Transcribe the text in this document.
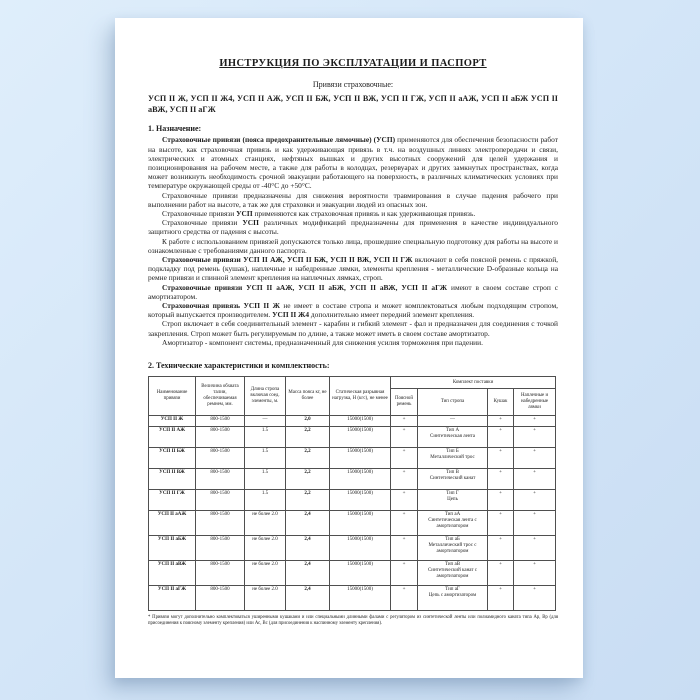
ИНСТРУКЦИЯ ПО ЭКСПЛУАТАЦИИ И ПАСПОРТ

Привязи страховочные:

УСП II Ж, УСП II Ж4, УСП II АЖ, УСП II БЖ, УСП II ВЖ, УСП II ГЖ, УСП II аАЖ, УСП II аБЖ УСП II аВЖ, УСП II аГЖ

1. Назначение:

Страховочные привязи (пояса предохранительные лямочные) (УСП) применяются для обеспечения безопасности работ на высоте, как страховочная привязь и как удерживающая привязь в т.ч. на воздушных линиях электропередачи и связи, электрических и атомных станциях, нефтяных вышках и других высотных сооружений для целей удержания и позиционирования на рабочем месте, а также для работы в колодцах, резервуарах и других замкнутых пространствах, когда может возникнуть необходимость срочной эвакуации работающего на поверхность, в различных климатических условиях при температуре окружающей среды от -40°С до +50°С.

Страховочные привязи предназначены для снижения вероятности травмирования в случае падения рабочего при выполнении работ на высоте, а так же для страховки и эвакуации людей из опасных зон.

Страховочные привязи УСП применяются как страховочная привязь и как удерживающая привязь.

Страховочные привязи УСП различных модификаций предназначены для применения в качестве индивидуального защитного средства от падения с высоты.

К работе с использованием привязей допускаются только лица, прошедшие специальную подготовку для работы на высоте и ознакомленные с требованиями данного паспорта.

Страховочные привязи УСП II АЖ, УСП II БЖ, УСП II ВЖ, УСП II ГЖ включают в себя поясной ремень с пряжкой, подкладку под ремень (кушак), наплечные и набедренные лямки, элементы крепления - металлические D-образные кольца на ремне привязи и спинной элемент крепления на наплечных лямках, строп.

Страховочные привязи УСП II аАЖ, УСП II аБЖ, УСП II аВЖ, УСП II аГЖ имеют в своем составе строп с амортизатором.

Страховочная привязь УСП II Ж не имеет в составе стропа и может комплектоваться любым подходящим стропом, который выпускается производителем. УСП II Ж4 дополнительно имеет передний элемент крепления.

Строп включает в себя соединительный элемент - карабин и гибкий элемент - фал и предназначен для соединения с точкой закрепления. Строп может быть регулируемым по длине, а также может иметь в своем составе амортизатор.

Амортизатор - компонент системы, предназначенный для снижения усилия торможения при падении.

2. Технические характеристики и комплектность:
Наименование привязи	Величина обхвата талии, обеспечиваемая ремнем, мм.	Длина стропа включая соед. элементы, м.	Масса пояса кг, не более	Статическая разрывная нагрузка, Н (кгс), не менее	Комплект поставки			
					Поясной ремень	Тип стропа	Кушак	Наплечные и набедренные лямки
УСП II Ж	800-1500	—	2,0	15000(1500)	+	—	+	+
УСП II АЖ	800-1500	1.5	2,2	15000(1500)	+	Тип А
Синтетическая лента	+	+
УСП II БЖ	800-1500	1.5	2,2	15000(1500)	+	Тип Б
Металлический трос	+	+
УСП II ВЖ	800-1500	1.5	2,2	15000(1500)	+	Тип В
Синтетический канат	+	+
УСП II ГЖ	800-1500	1.5	2,2	15000(1500)	+	Тип Г
Цепь	+	+
УСП II аАЖ	800-1500	не более 2.0	2,4	15000(1500)	+	Тип аА
Синтетическая лента с амортизатором	+	+
УСП II аБЖ	800-1500	не более 2.0	2,4	15000(1500)	+	Тип аБ
Металлический трос с амортизатором	+	+
УСП II аВЖ	800-1500	не более 2.0	2,4	15000(1500)	+	Тип аВ
Синтетический канат с амортизатором	+	+
УСП II аГЖ	800-1500	не более 2.0	2,4	15000(1500)	+	Тип аГ
Цепь с амортизатором	+	+

* Привязи могут дополнительно комплектоваться уширенными кушаками и или специальными длинными фалами с регулятором из синтетической ленты или полиамидного каната типа Ар, Вр (для присоединения к поясному элементу крепления) или Ас, Вс (для присоединения к наспинному элементу крепления).
